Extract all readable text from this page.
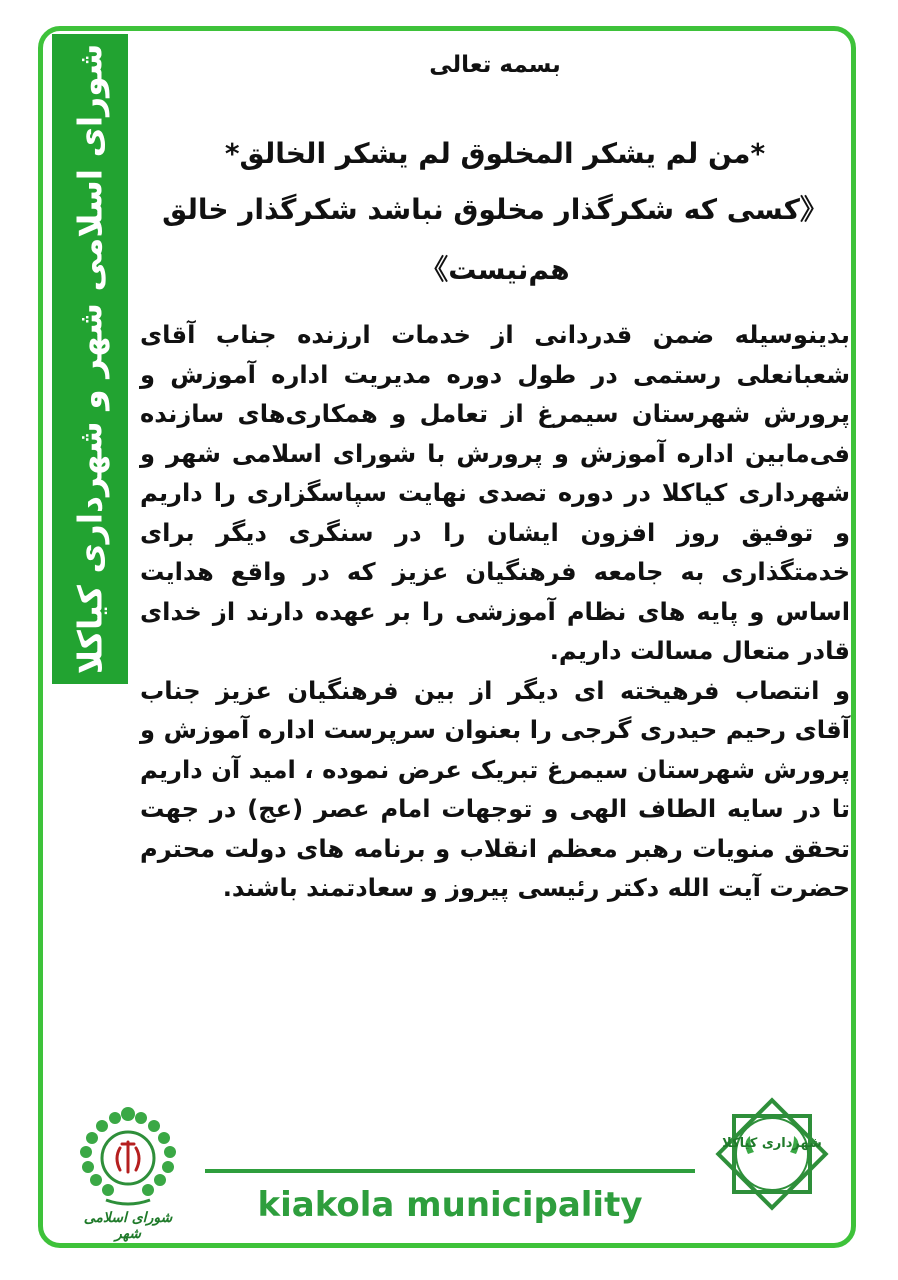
شورای اسلامی شهر و شهرداری کیاکلا	بسمه تعالی
*من لم یشکر المخلوق لم یشکر الخالق*
《کسی که شکرگذار مخلوق نباشد شکرگذار خالق هم‌نیست》

بدینوسیله ضمن قدردانی از خدمات ارزنده جناب آقای شعبانعلی رستمی در طول دوره مدیریت اداره آموزش و پرورش شهرستان سیمرغ از تعامل و همکاری‌های سازنده فی‌مابین اداره آموزش و پرورش با شورای اسلامی شهر و شهرداری کیاکلا در دوره تصدی نهایت سپاسگزاری را داریم و توفیق روز افزون ایشان را در سنگری دیگر برای خدمتگذاری به جامعه فرهنگیان عزیز که در واقع هدایت اساس و پایه های نظام آموزشی را بر عهده دارند از خدای قادر متعال مسالت داریم.

و انتصاب فرهیخته ای دیگر از بین فرهنگیان عزیز جناب آقای رحیم حیدری گرجی را بعنوان سرپرست اداره آموزش و پرورش شهرستان سیمرغ تبریک عرض نموده ، امید آن داریم تا در سایه الطاف الهی و توجهات امام عصر (عج) در جهت تحقق منویات رهبر معظم انقلاب و برنامه های دولت محترم حضرت آیت الله دکتر رئیسی پیروز و سعادتمند باشند.

شورای اسلامی شهر
kiakola municipality
شهرداری کیاکلا
